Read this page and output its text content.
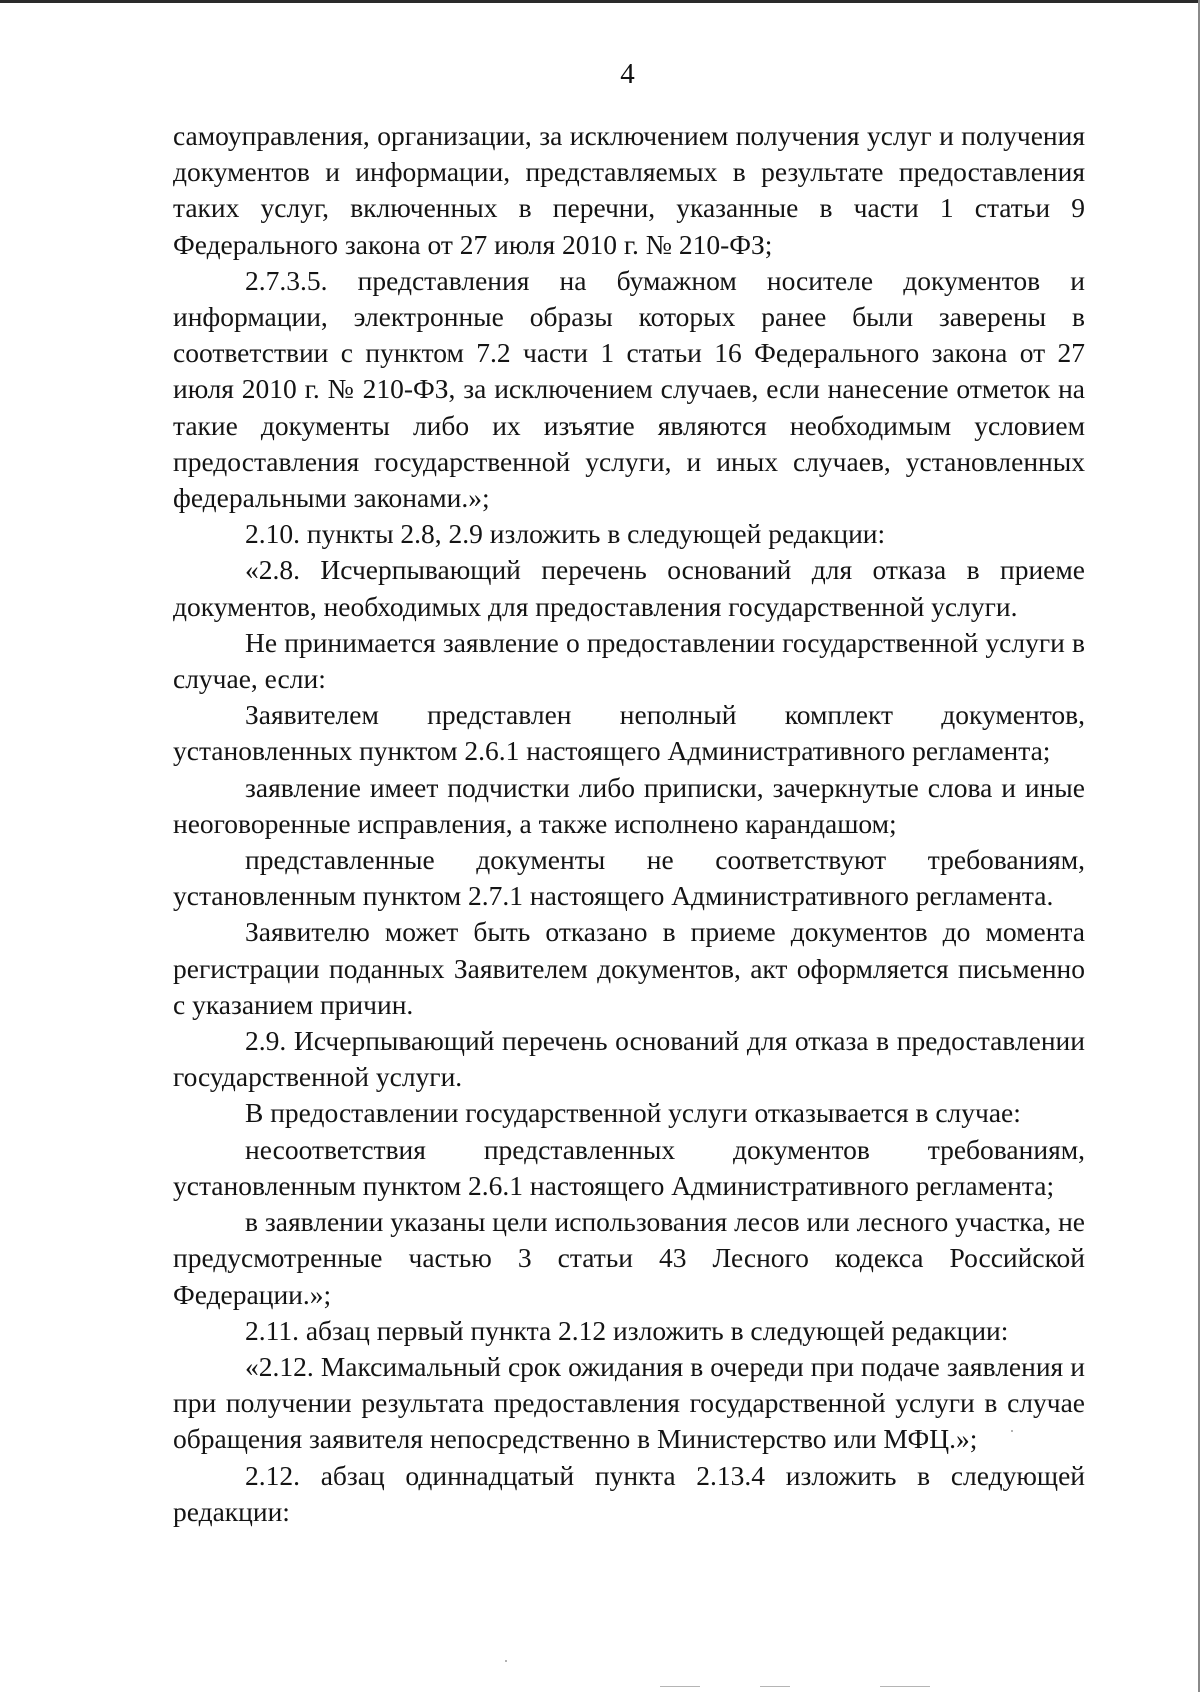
4

самоуправления, организации, за исключением получения услуг и получения документов и информации, представляемых в результате предоставления таких услуг, включенных в перечни, указанные в части 1 статьи 9 Федерального закона от 27 июля 2010 г. № 210-ФЗ;

2.7.3.5. представления на бумажном носителе документов и информации, электронные образы которых ранее были заверены в соответствии с пунктом 7.2 части 1 статьи 16 Федерального закона от 27 июля 2010 г. № 210-ФЗ, за исключением случаев, если нанесение отметок на такие документы либо их изъятие являются необходимым условием предоставления государственной услуги, и иных случаев, установленных федеральными законами.»;

2.10. пункты 2.8, 2.9 изложить в следующей редакции:

«2.8. Исчерпывающий перечень оснований для отказа в приеме документов, необходимых для предоставления государственной услуги.

Не принимается заявление о предоставлении государственной услуги в случае, если:

Заявителем представлен неполный комплект документов, установленных пунктом 2.6.1 настоящего Административного регламента;

заявление имеет подчистки либо приписки, зачеркнутые слова и иные неоговоренные исправления, а также исполнено карандашом;

представленные документы не соответствуют требованиям, установленным пунктом 2.7.1 настоящего Административного регламента.

Заявителю может быть отказано в приеме документов до момента регистрации поданных Заявителем документов, акт оформляется письменно с указанием причин.

2.9. Исчерпывающий перечень оснований для отказа в предоставлении государственной услуги.

В предоставлении государственной услуги отказывается в случае:

несоответствия представленных документов требованиям, установленным пунктом 2.6.1 настоящего Административного регламента;

в заявлении указаны цели использования лесов или лесного участка, не предусмотренные частью 3 статьи 43 Лесного кодекса Российской Федерации.»;

2.11. абзац первый пункта 2.12 изложить в следующей редакции:

«2.12. Максимальный срок ожидания в очереди при подаче заявления и при получении результата предоставления государственной услуги в случае обращения заявителя непосредственно в Министерство или МФЦ.»;

2.12. абзац одиннадцатый пункта 2.13.4 изложить в следующей редакции:
